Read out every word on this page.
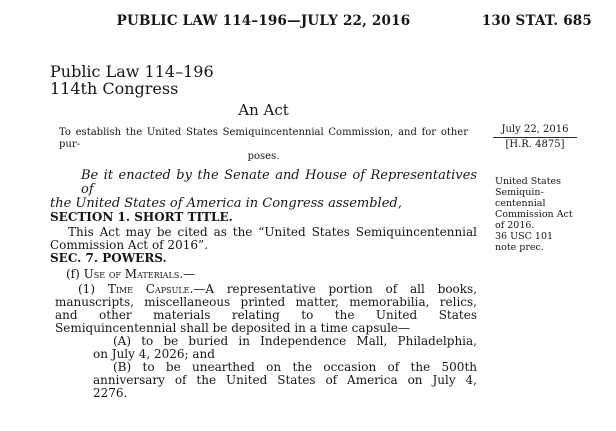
PUBLIC LAW 114–196—JULY 22, 2016	130 STAT. 685
Public Law 114–196
114th Congress
An Act
To establish the United States Semiquincentennial Commission, and for other pur-
poses.
Be it enacted by the Senate and House of Representatives of
the United States of America in Congress assembled,
SECTION 1. SHORT TITLE.
This Act may be cited as the “United States Semiquincentennial
Commission Act of 2016”.
SEC. 7. POWERS.
(f) Use of Materials.—
(1) Time Capsule.—A representative portion of all books,
manuscripts, miscellaneous printed matter, memorabilia, relics,
and other materials relating to the United States
Semiquincentennial shall be deposited in a time capsule—
(A) to be buried in Independence Mall, Philadelphia,
on July 4, 2026; and
(B) to be unearthed on the occasion of the 500th
anniversary of the United States of America on July 4,
2276.
July 22, 2016
[H.R. 4875]
United States
Semiquin-
centennial
Commission Act
of 2016.
36 USC 101
note prec.
